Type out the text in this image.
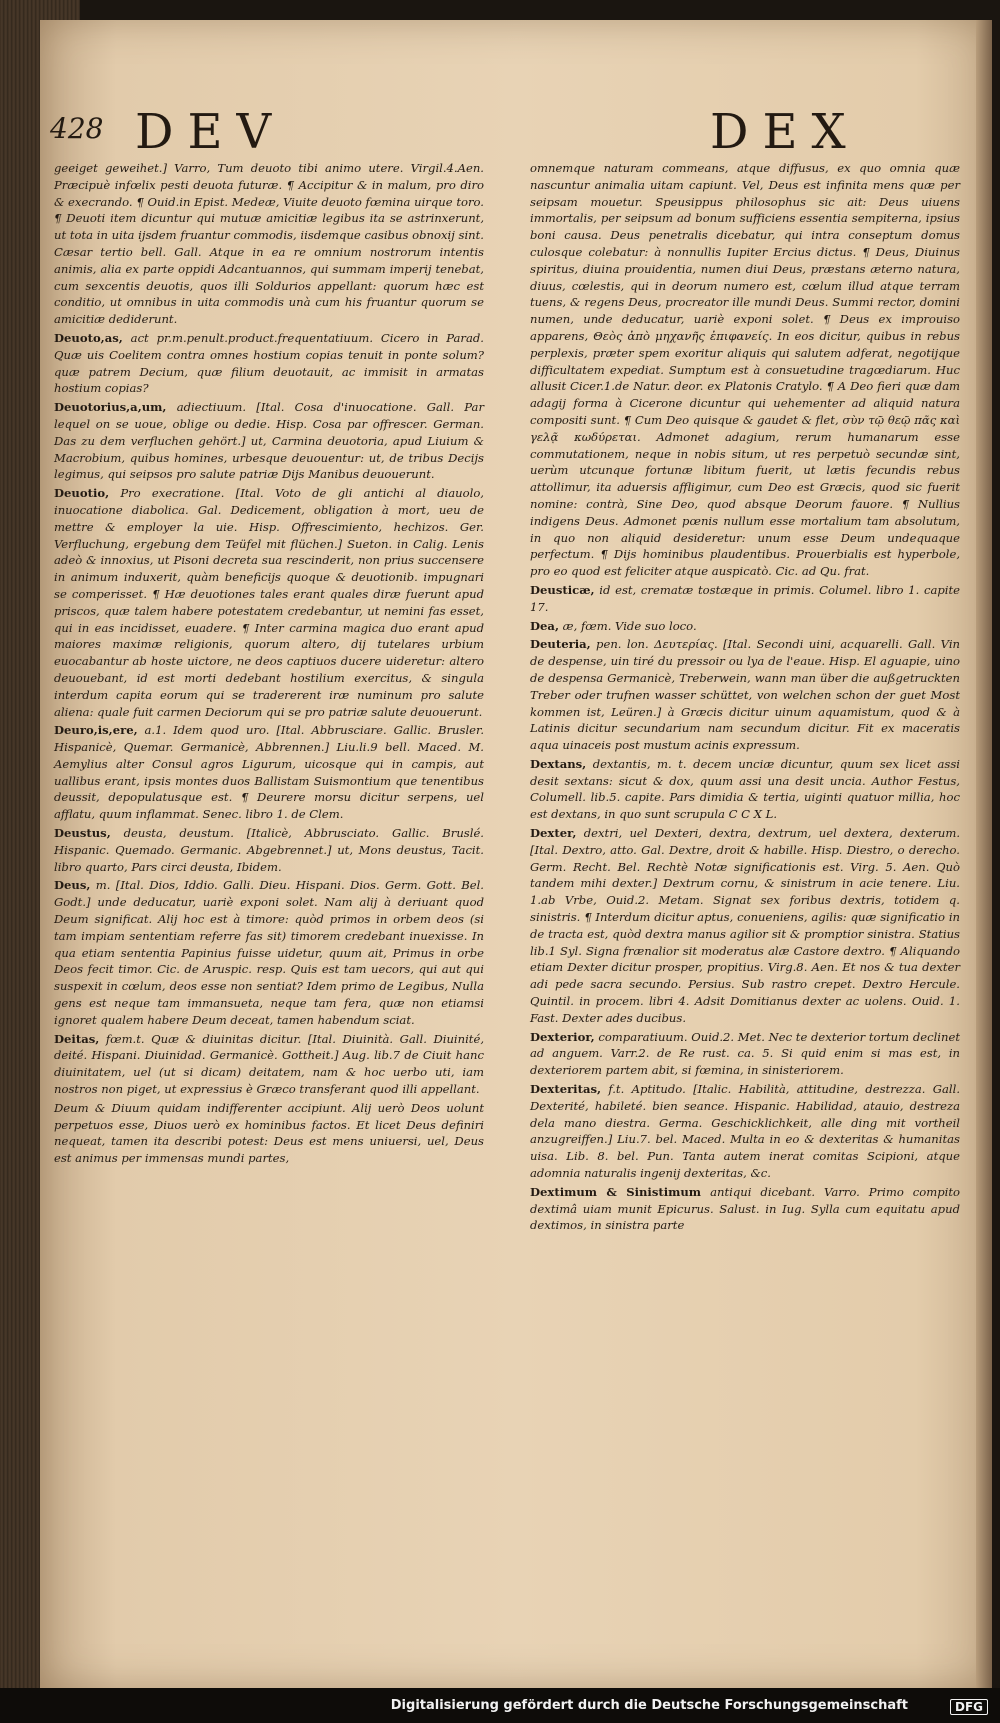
428 DEV	DEX

geeiget geweihet.] Varro, Tum deuoto tibi animo utere. Virgil.4.Aen. Præcipuè infœlix pesti deuota futuræ. ¶ Accipitur & in malum, pro diro & execrando. ¶ Ouid.in Epist. Medeæ, Viuite deuoto fœmina uirque toro. ¶ Deuoti item dicuntur qui mutuæ amicitiæ legibus ita se astrinxerunt, ut tota in uita ijsdem fruantur commodis, iisdemque casibus obnoxij sint. Cæsar tertio bell. Gall. Atque in ea re omnium nostrorum intentis animis, alia ex parte oppidi Adcantuannos, qui summam imperij tenebat, cum sexcentis deuotis, quos illi Soldurios appellant: quorum hæc est conditio, ut omnibus in uita commodis unà cum his fruantur quorum se amicitiæ dediderunt.

Deuoto,as, act pr.m.penult.product.frequentatiuum. Cicero in Parad. Quæ uis Coelitem contra omnes hostium copias tenuit in ponte solum? quæ patrem Decium, quæ filium deuotauit, ac immisit in armatas hostium copias?

Deuotorius,a,um, adiectiuum. [Ital. Cosa d'inuocatione. Gall. Par lequel on se uoue, oblige ou dedie. Hisp. Cosa par offrescer. German. Das zu dem verfluchen gehört.] ut, Carmina deuotoria, apud Liuium & Macrobium, quibus homines, urbesque deuouentur: ut, de tribus Decijs legimus, qui seipsos pro salute patriæ Dijs Manibus deuouerunt.

Deuotio, Pro execratione. [Ital. Voto de gli antichi al diauolo, inuocatione diabolica. Gal. Dedicement, obligation à mort, ueu de mettre & employer la uie. Hisp. Offrescimiento, hechizos. Ger. Verfluchung, ergebung dem Teüfel mit flüchen.] Sueton. in Calig. Lenis adeò & innoxius, ut Pisoni decreta sua rescinderit, non prius succensere in animum induxerit, quàm beneficijs quoque & deuotionib. impugnari se comperisset. ¶ Hæ deuotiones tales erant quales diræ fuerunt apud priscos, quæ talem habere potestatem credebantur, ut nemini fas esset, qui in eas incidisset, euadere. ¶ Inter carmina magica duo erant apud maiores maximæ religionis, quorum altero, dij tutelares urbium euocabantur ab hoste uictore, ne deos captiuos ducere uideretur: altero deuouebant, id est morti dedebant hostilium exercitus, & singula interdum capita eorum qui se tradererent iræ numinum pro salute aliena: quale fuit carmen Deciorum qui se pro patriæ salute deuouerunt.

Deuro,is,ere, a.1. Idem quod uro. [Ital. Abbrusciare. Gallic. Brusler. Hispanicè, Quemar. Germanicè, Abbrennen.] Liu.li.9 bell. Maced. M. Aemylius alter Consul agros Ligurum, uicosque qui in campis, aut uallibus erant, ipsis montes duos Ballistam Suismontium que tenentibus deussit, depopulatusque est. ¶ Deurere morsu dicitur serpens, uel afflatu, quum inflammat. Senec. libro 1. de Clem.

Deustus, deusta, deustum. [Italicè, Abbrusciato. Gallic. Bruslé. Hispanic. Quemado. Germanic. Abgebrennet.] ut, Mons deustus, Tacit. libro quarto, Pars circi deusta, Ibidem.

Deus, m. [Ital. Dios, Iddio. Galli. Dieu. Hispani. Dios. Germ. Gott. Bel. Godt.] unde deducatur, uariè exponi solet. Nam alij à deriuant quod Deum significat. Alij hoc est à timore: quòd primos in orbem deos (si tam impiam sententiam referre fas sit) timorem credebant inuexisse. In qua etiam sententia Papinius fuisse uidetur, quum ait, Primus in orbe Deos fecit timor. Cic. de Aruspic. resp. Quis est tam uecors, qui aut qui suspexit in cœlum, deos esse non sentiat? Idem primo de Legibus, Nulla gens est neque tam immansueta, neque tam fera, quæ non etiamsi ignoret qualem habere Deum deceat, tamen habendum sciat.

Deitas, fœm.t. Quæ & diuinitas dicitur. [Ital. Diuinità. Gall. Diuinité, deité. Hispani. Diuinidad. Germanicè. Gottheit.] Aug. lib.7 de Ciuit hanc diuinitatem, uel (ut si dicam) deitatem, nam & hoc uerbo uti, iam nostros non piget, ut expressius è Græco transferant quod illi appellant.

Deum & Diuum quidam indifferenter accipiunt. Alij uerò Deos uolunt perpetuos esse, Diuos uerò ex hominibus factos. Et licet Deus definiri nequeat, tamen ita describi potest: Deus est mens uniuersi, uel, Deus est animus per immensas mundi partes,

omnemque naturam commeans, atque diffusus, ex quo omnia quæ nascuntur animalia uitam capiunt. Vel, Deus est infinita mens quæ per seipsam mouetur. Speusippus philosophus sic ait: Deus uiuens immortalis, per seipsum ad bonum sufficiens essentia sempiterna, ipsius boni causa. Deus penetralis dicebatur, qui intra conseptum domus culosque colebatur: à nonnullis Iupiter Ercius dictus. ¶ Deus, Diuinus spiritus, diuina prouidentia, numen diui Deus, præstans æterno natura, diuus, cœlestis, qui in deorum numero est, cœlum illud atque terram tuens, & regens Deus, procreator ille mundi Deus. Summi rector, domini numen, unde deducatur, uariè exponi solet. ¶ Deus ex improuiso apparens, Θεὸς ἀπὸ μηχανῆς ἐπιφανείς. In eos dicitur, quibus in rebus perplexis, præter spem exoritur aliquis qui salutem adferat, negotijque difficultatem expediat. Sumptum est à consuetudine tragœdiarum. Huc allusit Cicer.1.de Natur. deor. ex Platonis Cratylo. ¶ A Deo fieri quæ dam adagij forma à Cicerone dicuntur qui uehementer ad aliquid natura compositi sunt. ¶ Cum Deo quisque & gaudet & flet, σὺν τῷ θεῷ πᾶς καὶ γελᾷ κωδύρεται. Admonet adagium, rerum humanarum esse commutationem, neque in nobis situm, ut res perpetuò secundæ sint, uerùm utcunque fortunæ libitum fuerit, ut lætis fecundis rebus attollimur, ita aduersis affligimur, cum Deo est Græcis, quod sic fuerit nomine: contrà, Sine Deo, quod absque Deorum fauore. ¶ Nullius indigens Deus. Admonet pœnis nullum esse mortalium tam absolutum, in quo non aliquid desideretur: unum esse Deum undequaque perfectum. ¶ Dijs hominibus plaudentibus. Prouerbialis est hyperbole, pro eo quod est feliciter atque auspicatò. Cic. ad Qu. frat.

Deusticæ, id est, crematæ tostæque in primis. Columel. libro 1. capite 17.

Dea, æ, fœm. Vide suo loco.

Deuteria, pen. lon. Δευτερίας. [Ital. Secondi uini, acquarelli. Gall. Vin de despense, uin tiré du pressoir ou lya de l'eaue. Hisp. El aguapie, uino de despensa Germanicè, Treberwein, wann man über die außgetruckten Treber oder trufnen wasser schüttet, von welchen schon der guet Most kommen ist, Leüren.] à Græcis dicitur uinum aquamistum, quod & à Latinis dicitur secundarium nam secundum dicitur. Fit ex maceratis aqua uinaceis post mustum acinis expressum.

Dextans, dextantis, m. t. decem unciæ dicuntur, quum sex licet assi desit sextans: sicut & dox, quum assi una desit uncia. Author Festus, Columell. lib.5. capite. Pars dimidia & tertia, uiginti quatuor millia, hoc est dextans, in quo sunt scrupula C C X L.

Dexter, dextri, uel Dexteri, dextra, dextrum, uel dextera, dexterum. [Ital. Dextro, atto. Gal. Dextre, droit & habille. Hisp. Diestro, o derecho. Germ. Recht. Bel. Rechtè Notæ significationis est. Virg. 5. Aen. Quò tandem mihi dexter.] Dextrum cornu, & sinistrum in acie tenere. Liu. 1.ab Vrbe, Ouid.2. Metam. Signat sex foribus dextris, totidem q. sinistris. ¶ Interdum dicitur aptus, conueniens, agilis: quæ significatio in de tracta est, quòd dextra manus agilior sit & promptior sinistra. Statius lib.1 Syl. Signa frænalior sit moderatus alæ Castore dextro. ¶ Aliquando etiam Dexter dicitur prosper, propitius. Virg.8. Aen. Et nos & tua dexter adi pede sacra secundo. Persius. Sub rastro crepet. Dextro Hercule. Quintil. in procem. libri 4. Adsit Domitianus dexter ac uolens. Ouid. 1. Fast. Dexter ades ducibus.

Dexterior, comparatiuum. Ouid.2. Met. Nec te dexterior tortum declinet ad anguem. Varr.2. de Re rust. ca. 5. Si quid enim si mas est, in dexteriorem partem abit, si fœmina, in sinisteriorem.

Dexteritas, f.t. Aptitudo. [Italic. Habilità, attitudine, destrezza. Gall. Dexterité, habileté. bien seance. Hispanic. Habilidad, atauio, destreza dela mano diestra. Germa. Geschicklichkeit, alle ding mit vortheil anzugreiffen.] Liu.7. bel. Maced. Multa in eo & dexteritas & humanitas uisa. Lib. 8. bel. Pun. Tanta autem inerat comitas Scipioni, atque adomnia naturalis ingenij dexteritas, &c.

Dextimum & Sinistimum antiqui dicebant. Varro. Primo compito dextimâ uiam munit Epicurus. Salust. in Iug. Sylla cum equitatu apud dextimos, in sinistra parte

Digitalisierung gefördert durch die Deutsche Forschungsgemeinschaft	DFG
